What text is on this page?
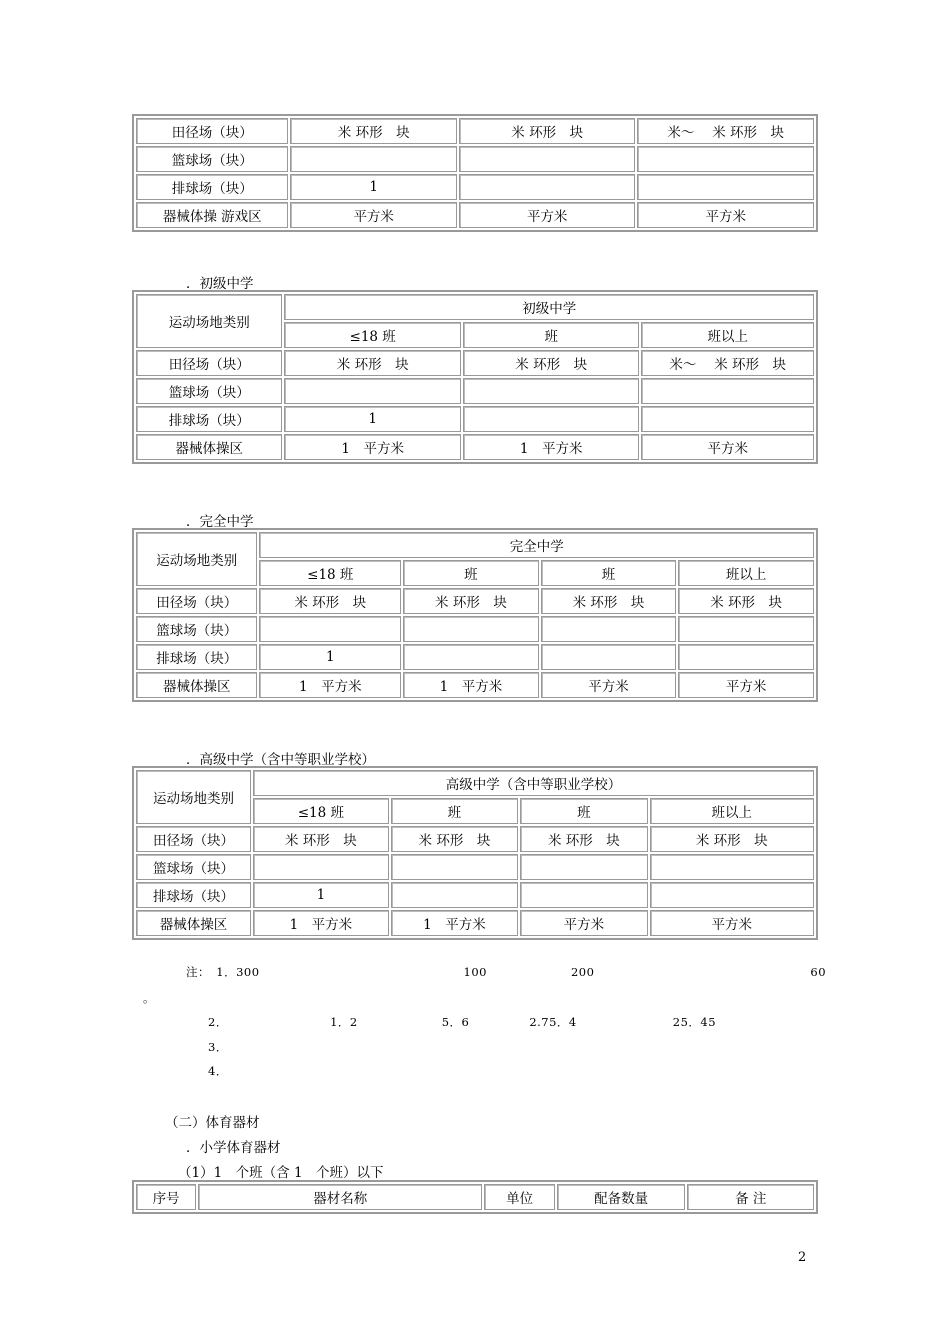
田径场（块）	米 环形　块	米 环形　块	米～　 米 环形　块
篮球场（块）			
排球场（块）	1		
器械体操 游戏区	平方米	平方米	平方米
．初级中学
运动场地类别	初级中学		
	≤18 班	班	班以上
田径场（块）	米 环形　块	米 环形　块	米～　 米 环形　块
篮球场（块）			
排球场（块）	1		
器械体操区	1　平方米	1　平方米	平方米
．完全中学
运动场地类别	完全中学			
	≤18 班	班	班	班以上
田径场（块）	米 环形　块	米 环形　块	米 环形　块	米 环形　块
篮球场（块）				
排球场（块）	1			
器械体操区	1　平方米	1　平方米	平方米	平方米
．高级中学（含中等职业学校）
运动场地类别	高级中学（含中等职业学校）			
	≤18 班	班	班	班以上
田径场（块）	米 环形　块	米 环形　块	米 环形　块	米 环形　块
篮球场（块）				
排球场（块）	1			
器械体操区	1　平方米	1　平方米	平方米	平方米
注：　1．300　　　　　　　　　　　　　　　　　100　　　　　　　200　　　　　　　　　　　　　　　　　　60
。
2．　　　　　　　　　1．2　　　　　　　5．6　　　　　2.75．4　　　　　　　　25．45
3．
4．
（二）体育器材
．小学体育器材
（1）1　个班（含 1　个班）以下
序号	器材名称	单位	配备数量	备 注
2
